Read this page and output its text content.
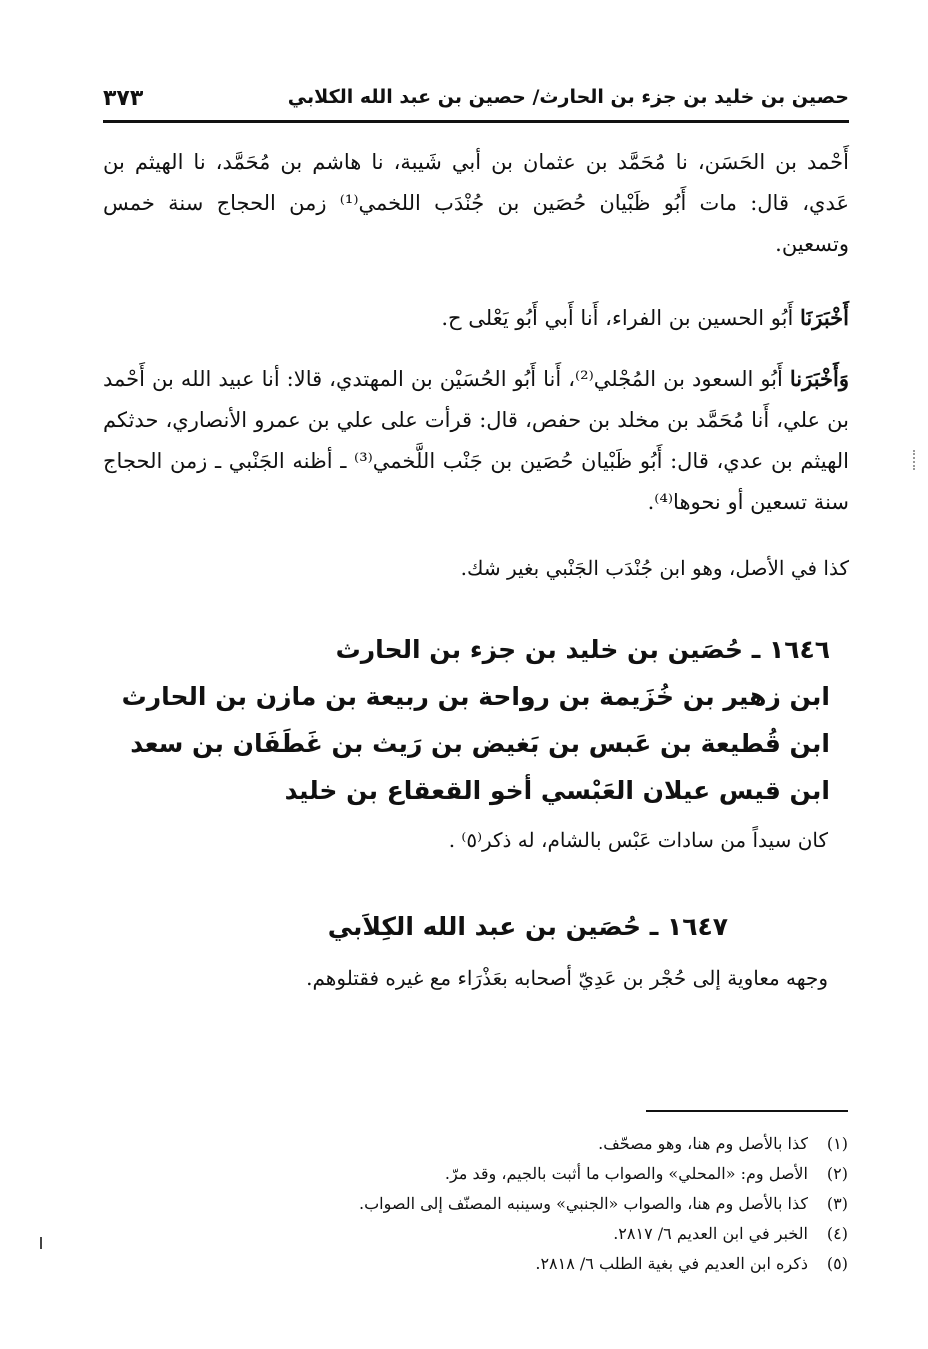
حصين بن خليد بن جزء بن الحارث/ حصين بن عبد الله الكلابي
٣٧٣
أَحْمد بن الحَسَن، نا مُحَمَّد بن عثمان بن أبي شَيبة، نا هاشم بن مُحَمَّد، نا الهيثم بن عَدي، قال: مات أَبُو ظَبْيان حُصَين بن جُنْدَب اللخمي⁽¹⁾ زمن الحجاج سنة خمس وتسعين.
أَخْبَرَنَا أَبُو الحسين بن الفراء، أَنا أَبي أَبُو يَعْلى ح.
وَأَخْبَرَنا أَبُو السعود بن المُجْلي⁽²⁾، أَنا أَبُو الحُسَيْن بن المهتدي، قالا: أنا عبيد الله بن أَحْمد بن علي، أَنا مُحَمَّد بن مخلد بن حفص، قال: قرأت على علي بن عمرو الأنصاري، حدثكم الهيثم بن عدي، قال: أَبُو ظَبْيان حُصَين بن جَنْب اللَّخمي⁽³⁾ ـ أظنه الجَنْبي ـ زمن الحجاج سنة تسعين أو نحوها⁽⁴⁾.
كذا في الأصل، وهو ابن جُنْدَب الجَنْبي بغير شك.
١٦٤٦ ـ حُصَين بن خليد بن جزء بن الحارث
ابن زهير بن خُزَيمة بن رواحة بن ربيعة بن مازن بن الحارث
ابن قُطيعة بن عَبس بن بَغيض بن رَيث بن غَطَفَان بن سعد
ابن قيس عيلان العَبْسي أخو القعقاع بن خليد
كان سيداً من سادات عَبْس بالشام، له ذكر⁽٥⁾ .
١٦٤٧ ـ حُصَين بن عبد الله الكِلاَبي
وجهه معاوية إلى حُجْر بن عَدِيّ أصحابه بعَذْرَاء مع غيره فقتلوهم.
(١)
كذا بالأصل وم هنا، وهو مصحّف.
(٢)
الأصل وم: «المحلي» والصواب ما أثبت بالجيم، وقد مرّ.
(٣)
كذا بالأصل وم هنا، والصواب «الجنبي» وسينبه المصنّف إلى الصواب.
(٤)
الخبر في ابن العديم ٦/ ٢٨١٧.
(٥)
ذكره ابن العديم في بغية الطلب ٦/ ٢٨١٨.
